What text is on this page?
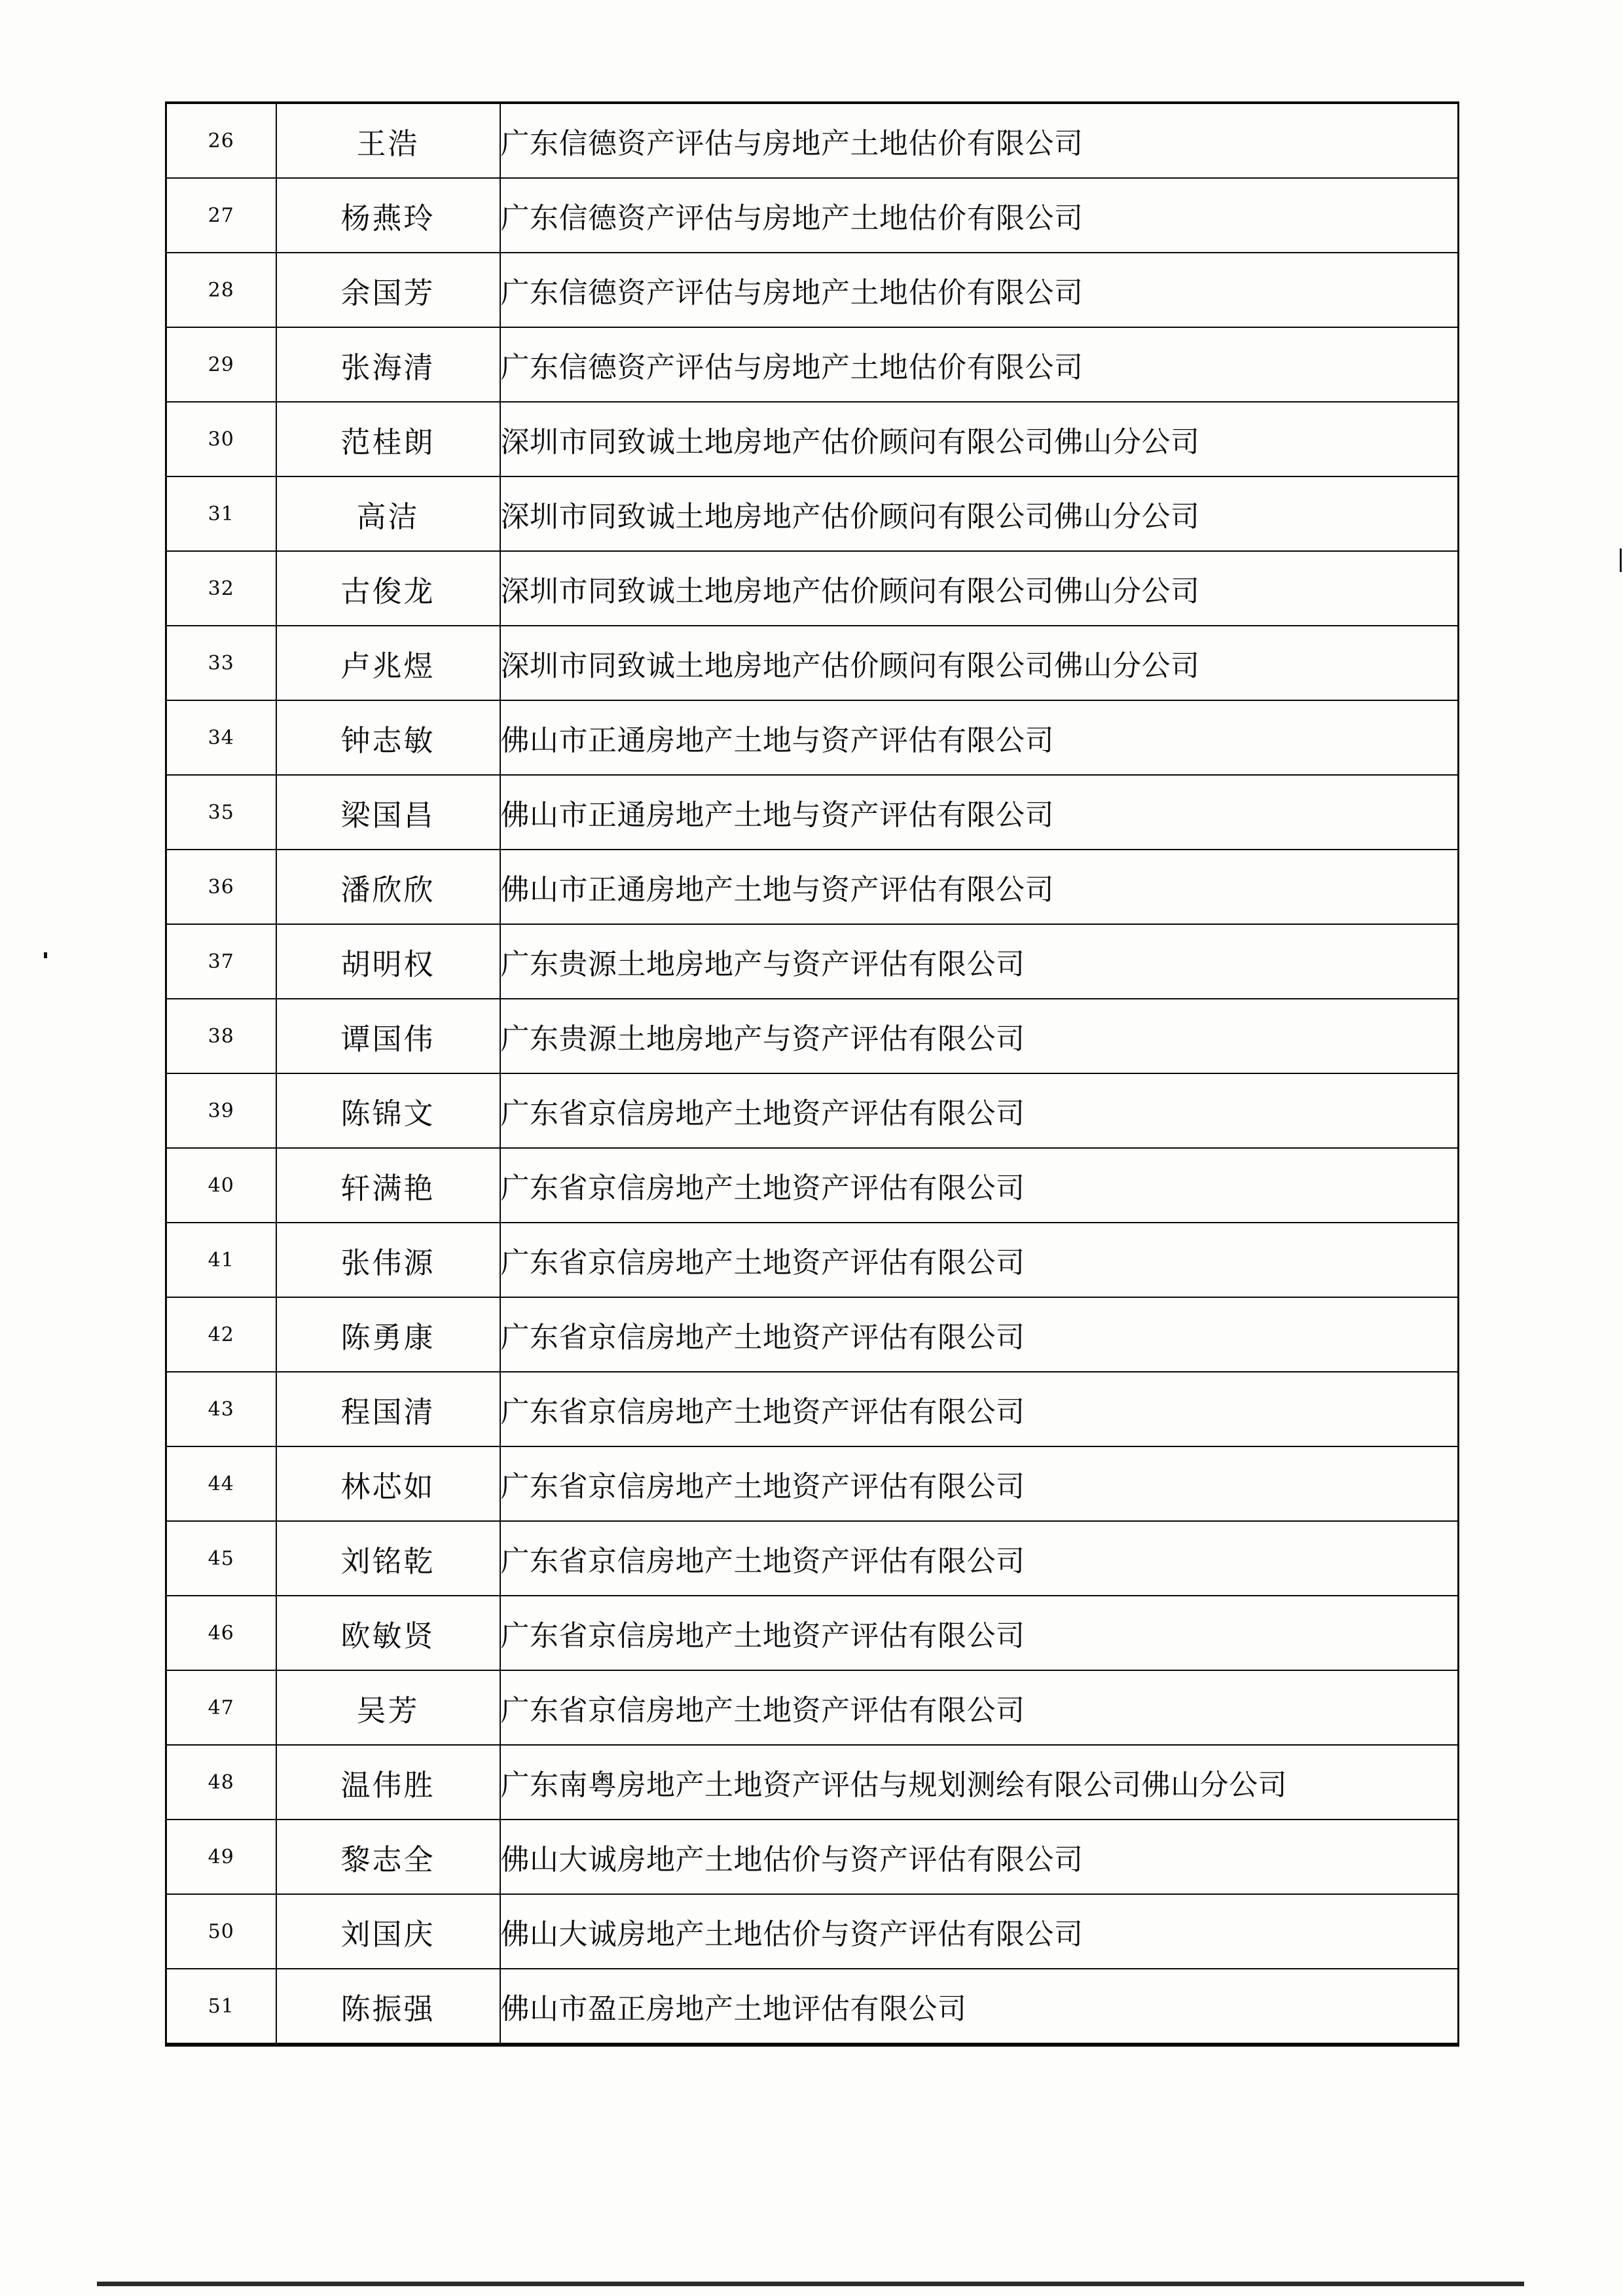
26	王浩	广东信德资产评估与房地产土地估价有限公司
27	杨燕玲	广东信德资产评估与房地产土地估价有限公司
28	余国芳	广东信德资产评估与房地产土地估价有限公司
29	张海清	广东信德资产评估与房地产土地估价有限公司
30	范桂朗	深圳市同致诚土地房地产估价顾问有限公司佛山分公司
31	高洁	深圳市同致诚土地房地产估价顾问有限公司佛山分公司
32	古俊龙	深圳市同致诚土地房地产估价顾问有限公司佛山分公司
33	卢兆煜	深圳市同致诚土地房地产估价顾问有限公司佛山分公司
34	钟志敏	佛山市正通房地产土地与资产评估有限公司
35	梁国昌	佛山市正通房地产土地与资产评估有限公司
36	潘欣欣	佛山市正通房地产土地与资产评估有限公司
37	胡明权	广东贵源土地房地产与资产评估有限公司
38	谭国伟	广东贵源土地房地产与资产评估有限公司
39	陈锦文	广东省京信房地产土地资产评估有限公司
40	轩满艳	广东省京信房地产土地资产评估有限公司
41	张伟源	广东省京信房地产土地资产评估有限公司
42	陈勇康	广东省京信房地产土地资产评估有限公司
43	程国清	广东省京信房地产土地资产评估有限公司
44	林芯如	广东省京信房地产土地资产评估有限公司
45	刘铭乾	广东省京信房地产土地资产评估有限公司
46	欧敏贤	广东省京信房地产土地资产评估有限公司
47	吴芳	广东省京信房地产土地资产评估有限公司
48	温伟胜	广东南粤房地产土地资产评估与规划测绘有限公司佛山分公司
49	黎志全	佛山大诚房地产土地估价与资产评估有限公司
50	刘国庆	佛山大诚房地产土地估价与资产评估有限公司
51	陈振强	佛山市盈正房地产土地评估有限公司
